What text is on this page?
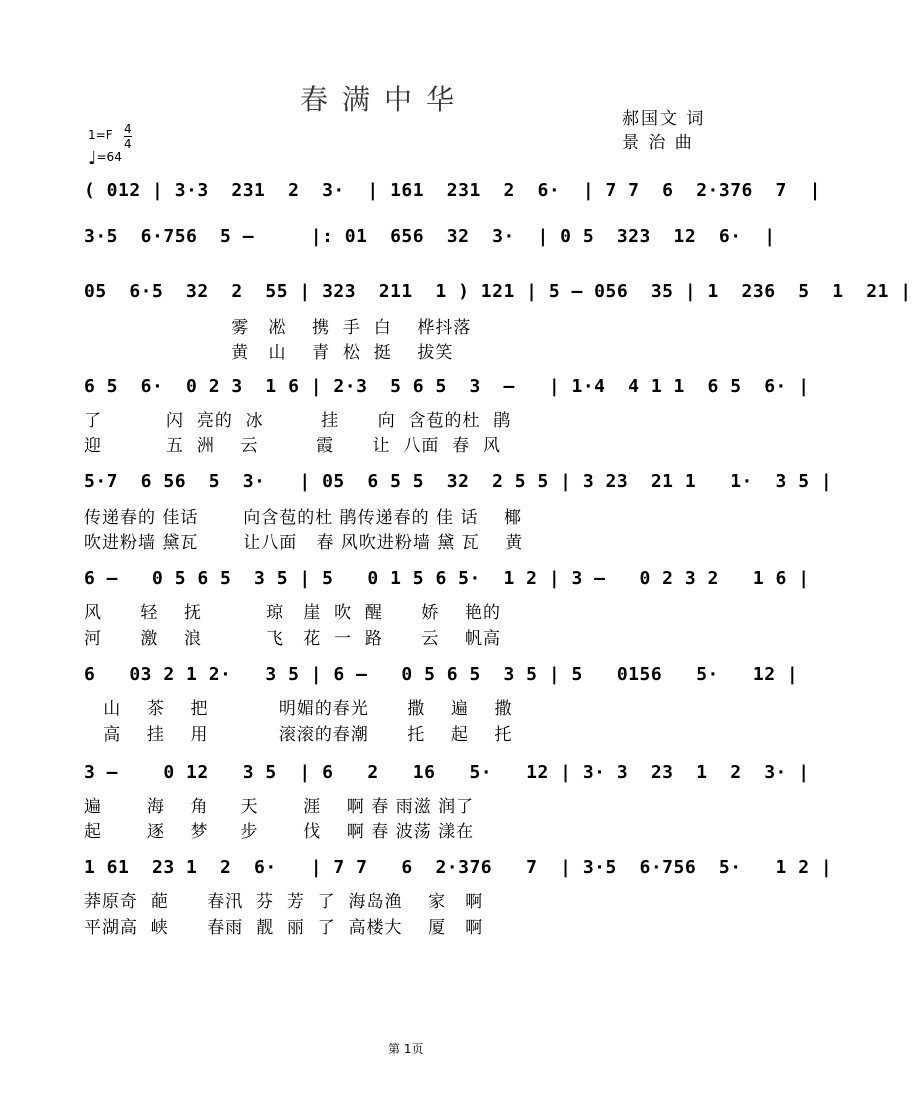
春满中华
郝国文 词
景 治 曲
1=F 4
4
♩=64
( 012 | 3·3  231  2  3·  | 161  231  2  6·  | 7 7  6  2·376  7  |
3·5  6·756  5 –     |: 01  656  32  3·  | 0 5  323  12  6·  |
05  6·5  32  2  55 | 323  211  1 ) 121 | 5 – 056  35 | 1  236  5  1  21 |
雾   凇    携  手  白    桦抖落
黄   山    青  松  挺    拔笑
6 5  6·  0 2 3  1 6 | 2·3  5 6 5  3  –   | 1·4  4 1 1  6 5  6· |
了          闪  亮的  冰         挂      向  含苞的杜  鹃
迎          五  洲    云         霞      让  八面  春  风
5·7  6 56  5  3·   | 05  6 5 5  32  2 5 5 | 3 23  21 1   1·  3 5 |
传递春的 佳话       向含苞的杜 鹃传递春的 佳 话    椰
吹进粉墙 黛瓦       让八面   春 风吹进粉墙 黛 瓦    黄
6 –   0 5 6 5  3 5 | 5   0 1 5 6 5·  1 2 | 3 –   0 2 3 2   1 6 |
风      轻    抚          琼   崖  吹  醒      娇    艳的
河      激    浪          飞   花  一  路      云    帆高
6   03 2 1 2·   3 5 | 6 –   0 5 6 5  3 5 | 5   0156   5·   12 |
山    茶    把           明媚的春光      撒    遍    撒
高    挂    用           滚滚的春潮      托    起    托
3 –    0 12   3 5  | 6   2   16   5·   12 | 3· 3  23  1  2  3· |
遍       海    角     天       涯    啊 春 雨滋 润了
起       逐    梦     步       伐    啊 春 波荡 漾在
1 61  23 1  2  6·   | 7 7   6  2·376   7  | 3·5  6·756  5·   1 2 |
莽原奇  葩      春汛  芬  芳  了  海岛渔    家   啊
平湖高  峡      春雨  靓  丽  了  高楼大    厦   啊
第 1页
